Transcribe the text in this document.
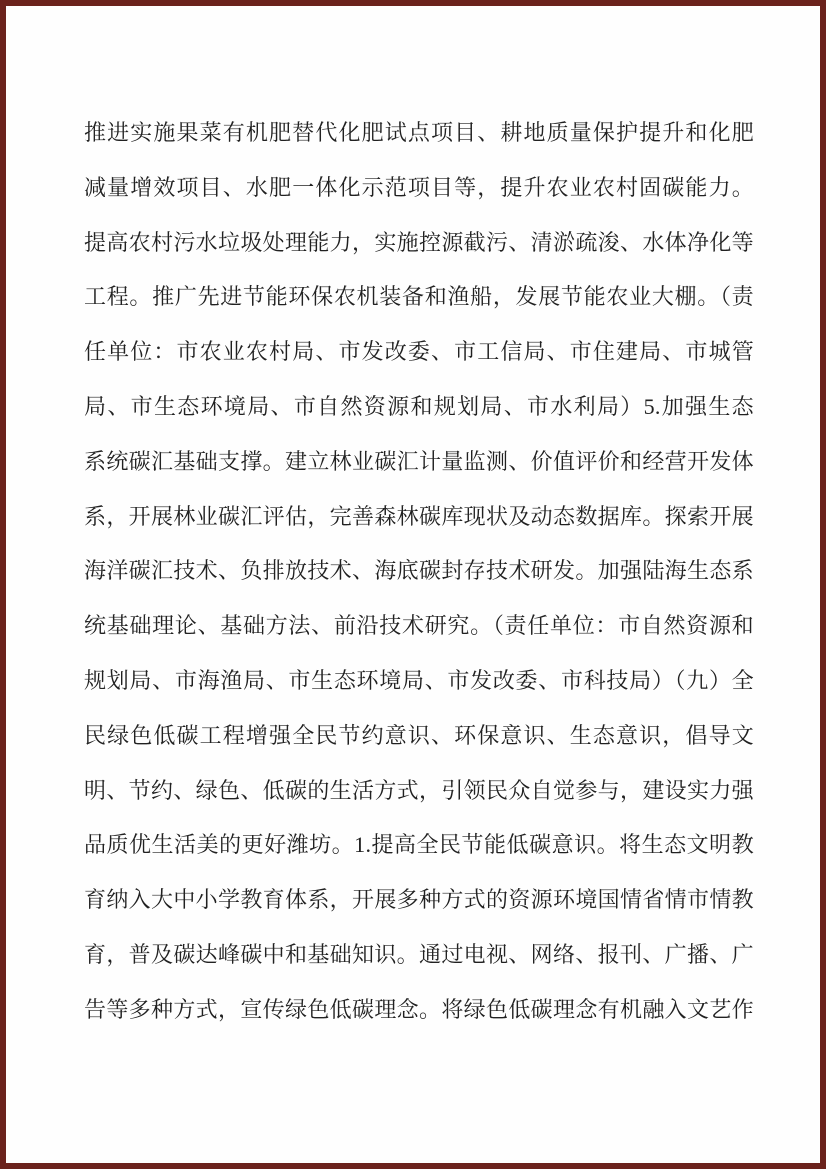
推进实施果菜有机肥替代化肥试点项目、耕地质量保护提升和化肥

减量增效项目、水肥一体化示范项目等，提升农业农村固碳能力。

提高农村污水垃圾处理能力，实施控源截污、清淤疏浚、水体净化等

工程。推广先进节能环保农机装备和渔船，发展节能农业大棚。（责

任单位：市农业农村局、市发改委、市工信局、市住建局、市城管

局、市生态环境局、市自然资源和规划局、市水利局）5.加强生态

系统碳汇基础支撑。建立林业碳汇计量监测、价值评价和经营开发体

系，开展林业碳汇评估，完善森林碳库现状及动态数据库。探索开展

海洋碳汇技术、负排放技术、海底碳封存技术研发。加强陆海生态系

统基础理论、基础方法、前沿技术研究。（责任单位：市自然资源和

规划局、市海渔局、市生态环境局、市发改委、市科技局）（九）全

民绿色低碳工程增强全民节约意识、环保意识、生态意识，倡导文

明、节约、绿色、低碳的生活方式，引领民众自觉参与，建设实力强

品质优生活美的更好潍坊。1.提高全民节能低碳意识。将生态文明教

育纳入大中小学教育体系，开展多种方式的资源环境国情省情市情教

育，普及碳达峰碳中和基础知识。通过电视、网络、报刊、广播、广

告等多种方式，宣传绿色低碳理念。将绿色低碳理念有机融入文艺作
